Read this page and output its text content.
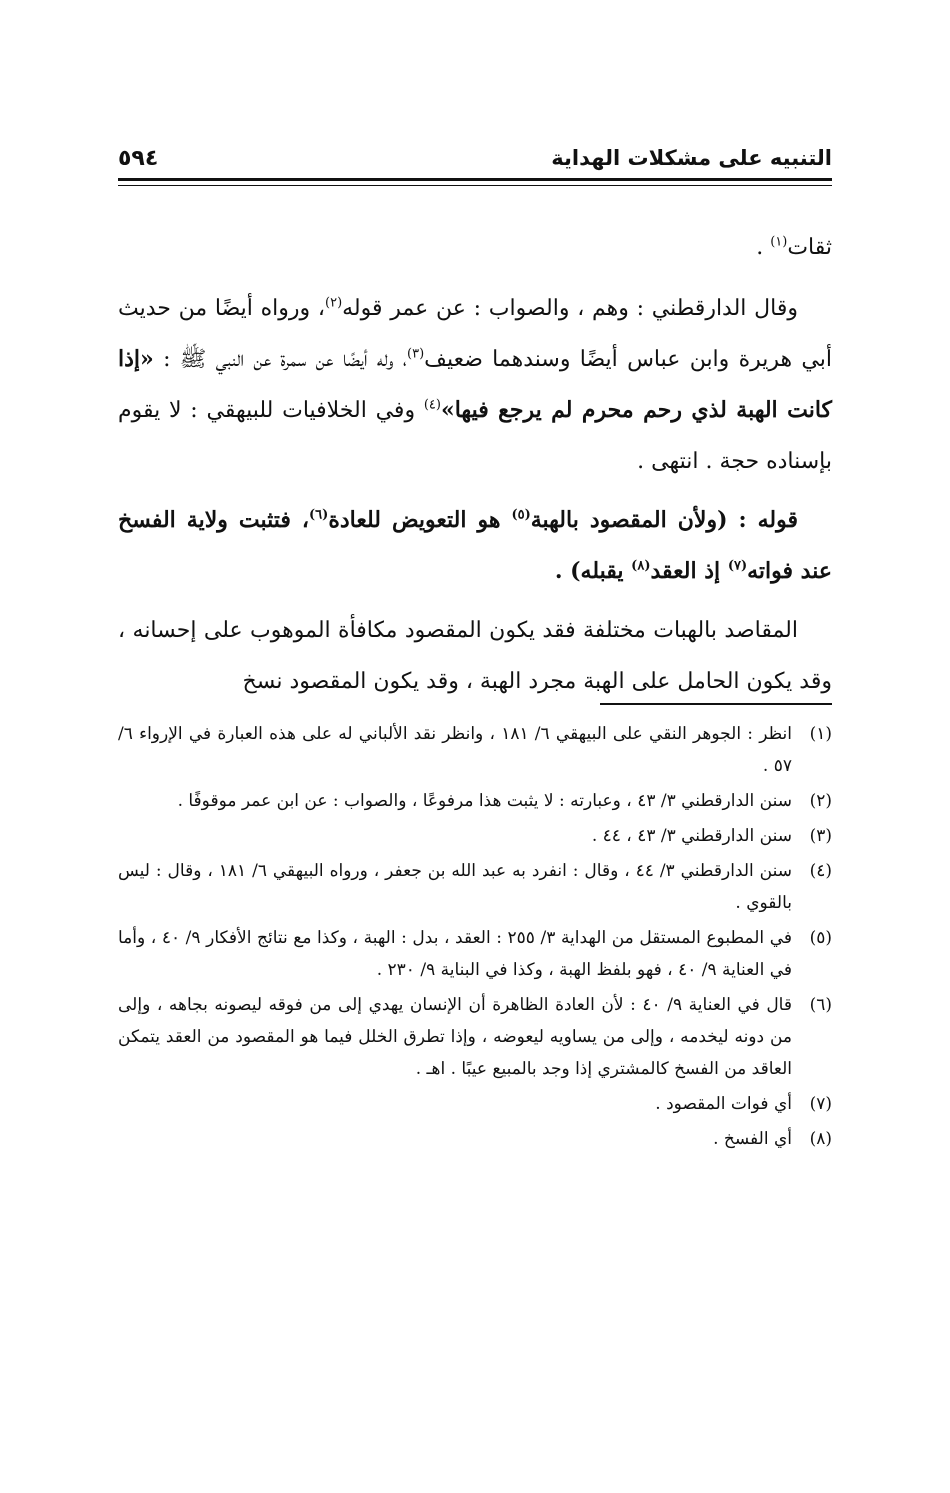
التنبيه على مشكلات الهداية
٥٩٤

ثقات$^{(١)}$ .

وقال الدارقطني : وهم ، والصواب : عن عمر قوله$^{(٢)}$، ورواه أيضًا من حديث أبي هريرة وابن عباس أيضًا وسندهما ضعيف$^{(٣)}$، وله أيضًا عن سمرة عن النبي ﷺ : «إذا كانت الهبة لذي رحم محرم لم يرجع فيها»$^{(٤)}$ وفي الخلافيات للبيهقي : لا يقوم بإسناده حجة . انتهى .

قوله : (ولأن المقصود بالهبة$^{(٥)}$ هو التعويض للعادة$^{(٦)}$، فتثبت ولاية الفسخ عند فواته$^{(٧)}$ إذ العقد$^{(٨)}$ يقبله) .

المقاصد بالهبات مختلفة فقد يكون المقصود مكافأة الموهوب على إحسانه ، وقد يكون الحامل على الهبة مجرد الهبة ، وقد يكون المقصود نسخ

(١)
انظر : الجوهر النقي على البيهقي ٦/ ١٨١ ، وانظر نقد الألباني له على هذه العبارة في الإرواء ٦/ ٥٧ .
(٢)
سنن الدارقطني ٣/ ٤٣ ، وعبارته : لا يثبت هذا مرفوعًا ، والصواب : عن ابن عمر موقوفًا .
(٣)
سنن الدارقطني ٣/ ٤٣ ، ٤٤ .
(٤)
سنن الدارقطني ٣/ ٤٤ ، وقال : انفرد به عبد الله بن جعفر ، ورواه البيهقي ٦/ ١٨١ ، وقال : ليس بالقوي .
(٥)
في المطبوع المستقل من الهداية ٣/ ٢٥٥ : العقد ، بدل : الهبة ، وكذا مع نتائج الأفكار ٩/ ٤٠ ، وأما في العناية ٩/ ٤٠ ، فهو بلفظ الهبة ، وكذا في البناية ٩/ ٢٣٠ .
(٦)
قال في العناية ٩/ ٤٠ : لأن العادة الظاهرة أن الإنسان يهدي إلى من فوقه ليصونه بجاهه ، وإلى من دونه ليخدمه ، وإلى من يساويه ليعوضه ، وإذا تطرق الخلل فيما هو المقصود من العقد يتمكن العاقد من الفسخ كالمشتري إذا وجد بالمبيع عيبًا . اهـ .
(٧)
أي فوات المقصود .
(٨)
أي الفسخ .
